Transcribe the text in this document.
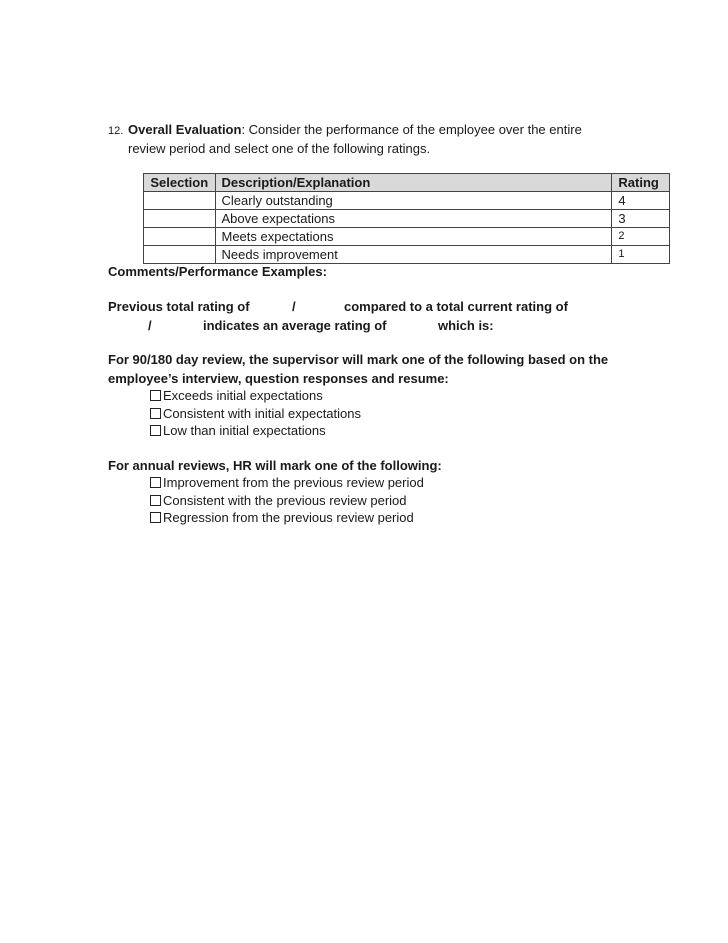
12. Overall Evaluation: Consider the performance of the employee over the entire
review period and select one of the following ratings.
Selection	Description/Explanation	Rating
	Clearly outstanding	4
	Above expectations	3
	Meets expectations	2
	Needs improvement	1
Comments/Performance Examples:
Previous total rating of	/	compared to a total current rating of
/	indicates an average rating of	which is:
For 90/180 day review, the supervisor will mark one of the following based on the
employee’s interview, question responses and resume:
Exceeds initial expectations
Consistent with initial expectations
Low than initial expectations
For annual reviews, HR will mark one of the following:
Improvement from the previous review period
Consistent with the previous review period
Regression from the previous review period
